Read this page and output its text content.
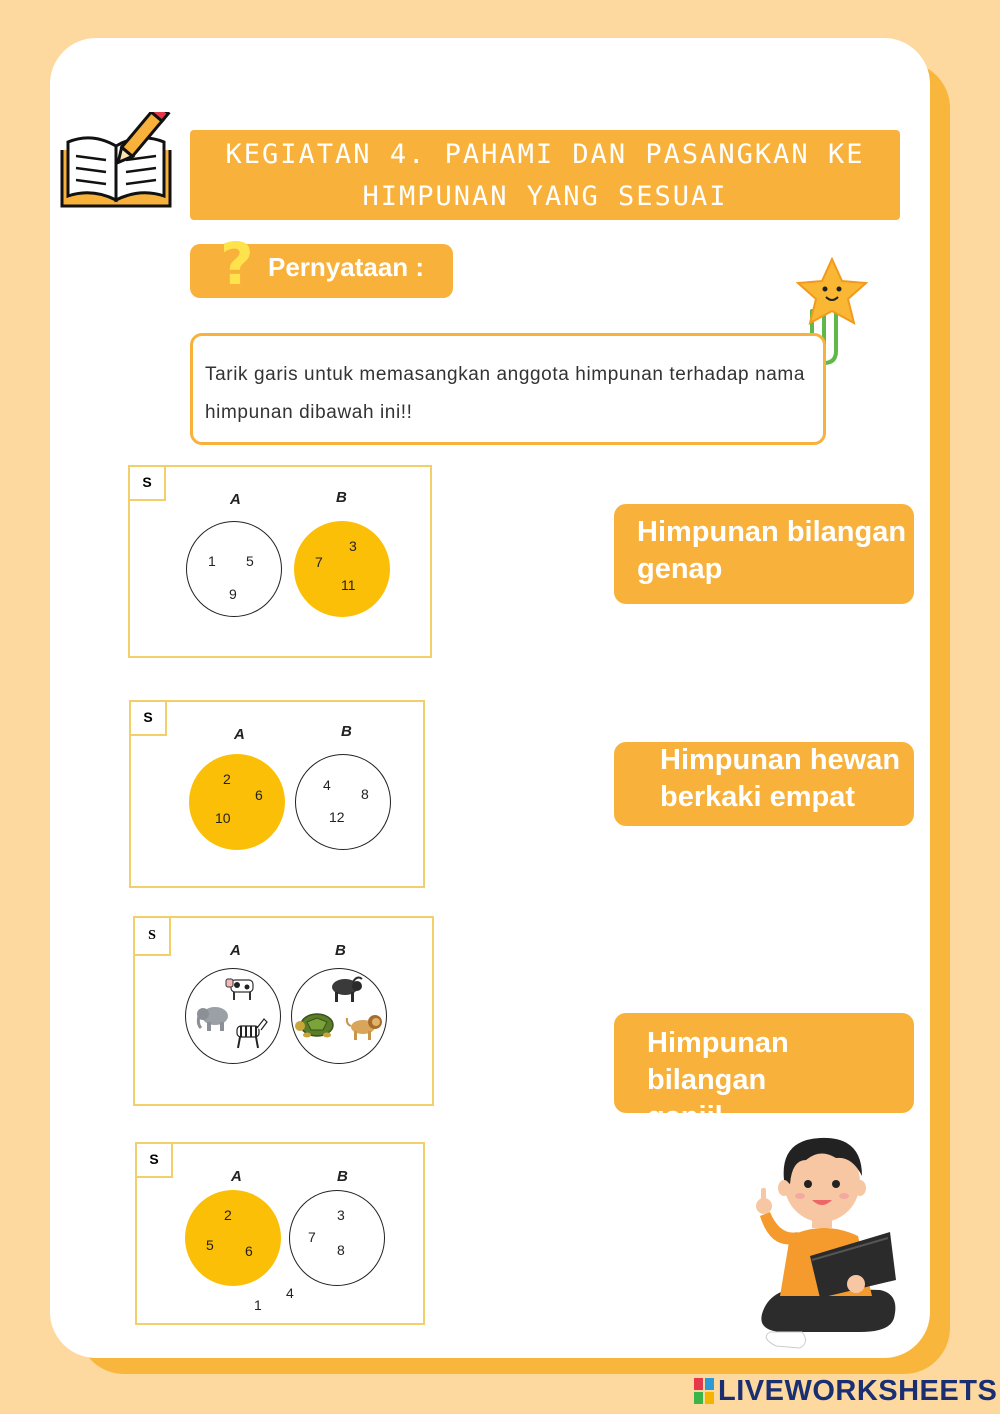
KEGIATAN 4. PAHAMI DAN PASANGKAN KE
HIMPUNAN YANG SESUAI
? Pernyataan :
Tarik garis untuk memasangkan anggota himpunan terhadap nama himpunan dibawah ini!!
S
A	B
1 5
9
3
7
11
S
A	B
2
6
10
4
8
12
S
A	B
S
A	B
2
5 6
3
7
8
1
4
Himpunan bilangan
genap
Himpunan hewan
berkaki empat
Himpunan bilangan
ganjil
LIVEWORKSHEETS
